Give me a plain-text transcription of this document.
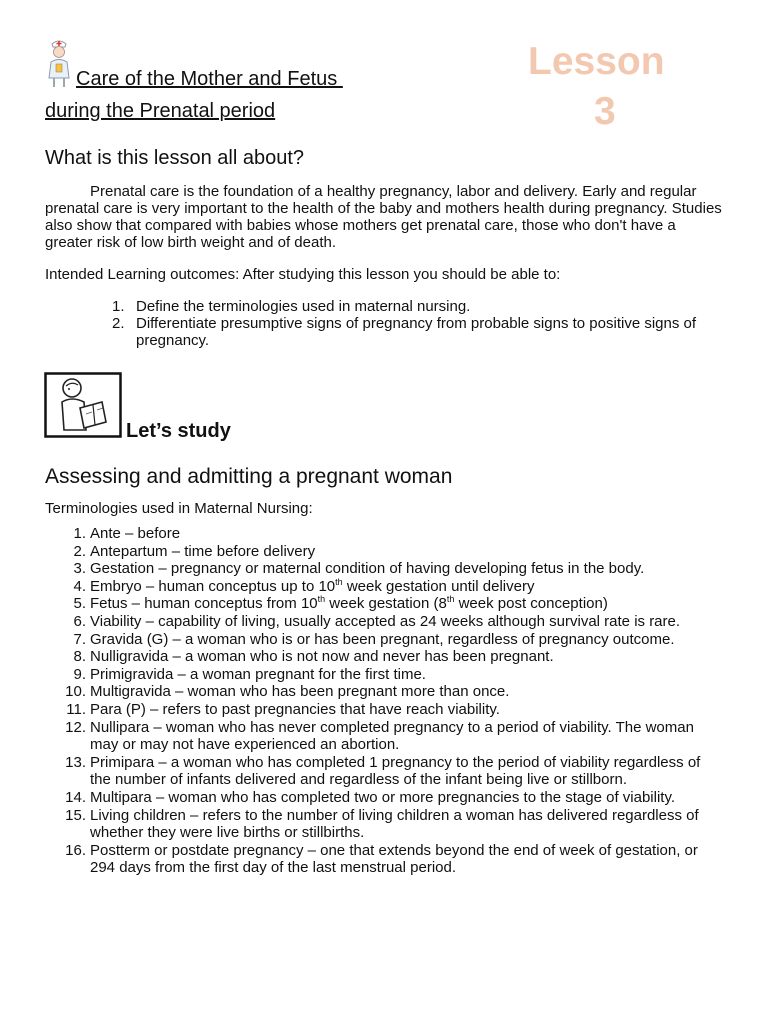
Care of the Mother and Fetus
during the Prenatal period
Lesson
3
What is this lesson all about?
Prenatal care is the foundation of a healthy pregnancy, labor and delivery. Early and regular prenatal care is very important to the health of the baby and mothers health during pregnancy. Studies also show that compared with babies whose mothers get prenatal care, those who don't have a greater risk of low birth weight and of death.
Intended Learning outcomes: After studying this lesson you should be able to:
1. Define the terminologies used in maternal nursing.
2. Differentiate presumptive signs of pregnancy from probable signs to positive signs of pregnancy.
Let’s study
Assessing and admitting a pregnant woman
Terminologies used in Maternal Nursing:
1. Ante – before
2. Antepartum – time before delivery
3. Gestation – pregnancy or maternal condition of having developing fetus in the body.
4. Embryo – human conceptus up to 10th week gestation until delivery
5. Fetus – human conceptus from 10th week gestation (8th week post conception)
6. Viability – capability of living, usually accepted as 24 weeks although survival rate is rare.
7. Gravida (G) – a woman who is or has been pregnant, regardless of pregnancy outcome.
8. Nulligravida – a woman who is not now and never has been pregnant.
9. Primigravida – a woman pregnant for the first time.
10. Multigravida – woman who has been pregnant more than once.
11. Para (P) – refers to past pregnancies that have reach viability.
12. Nullipara – woman who has never completed pregnancy to a period of viability. The woman may or may not have experienced an abortion.
13. Primipara – a woman who has completed 1 pregnancy to the period of viability regardless of the number of infants delivered and regardless of the infant being live or stillborn.
14. Multipara – woman who has completed two or more pregnancies to the stage of viability.
15. Living children – refers to the number of living children a woman has delivered regardless of whether they were live births or stillbirths.
16. Postterm or postdate pregnancy – one that extends beyond the end of week of gestation, or 294 days from the first day of the last menstrual period.
